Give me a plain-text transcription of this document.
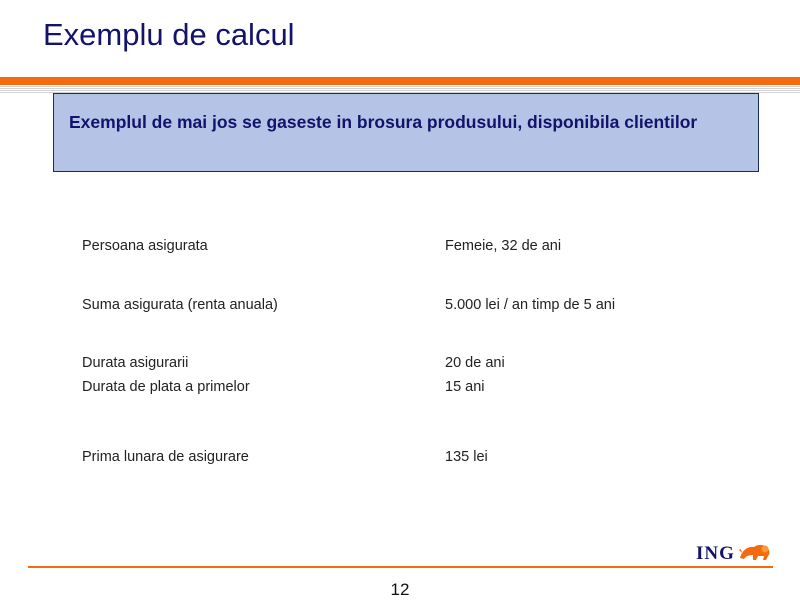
Exemplu de calcul
Exemplul de mai jos se gaseste in brosura produsului, disponibila clientilor
Persoana asigurata	Femeie, 32 de ani
Suma asigurata (renta anuala)	5.000 lei / an timp de 5 ani
Durata asigurarii	20 de ani
Durata de plata a primelor	15 ani
Prima lunara de asigurare	135 lei
ING
12
